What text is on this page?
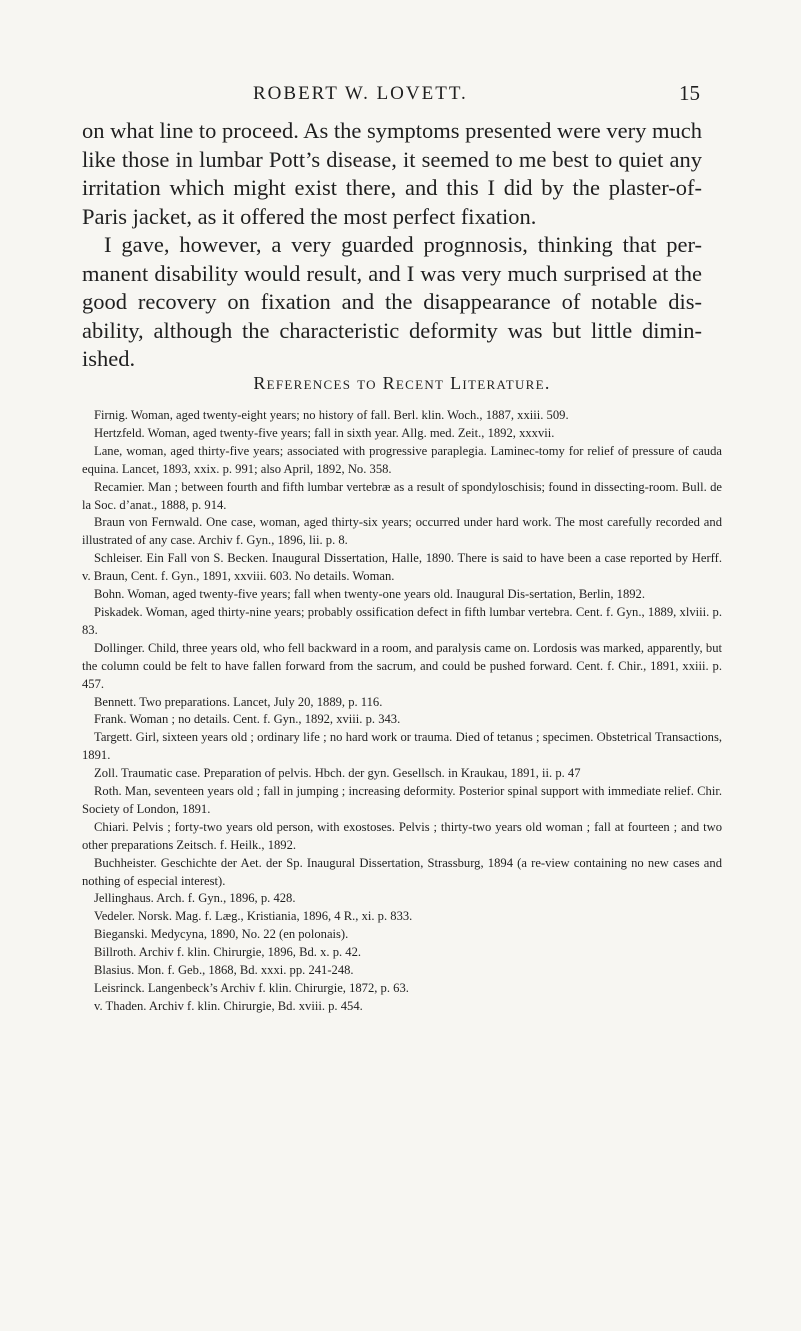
ROBERT W. LOVETT.	15

on what line to proceed. As the symptoms presented were very much like those in lumbar Pott’s disease, it seemed to me best to quiet any irritation which might exist there, and this I did by the plaster-of-Paris jacket, as it offered the most perfect fixation.

I gave, however, a very guarded prognnosis, thinking that per-manent disability would result, and I was very much surprised at the good recovery on fixation and the disappearance of notable dis-ability, although the characteristic deformity was but little dimin-ished.

References to Recent Literature.

Firnig. Woman, aged twenty-eight years; no history of fall. Berl. klin. Woch., 1887, xxiii. 509.

Hertzfeld. Woman, aged twenty-five years; fall in sixth year. Allg. med. Zeit., 1892, xxxvii.

Lane, woman, aged thirty-five years; associated with progressive paraplegia. Laminec-tomy for relief of pressure of cauda equina. Lancet, 1893, xxix. p. 991; also April, 1892, No. 358.

Recamier. Man ; between fourth and fifth lumbar vertebræ as a result of spondyloschisis; found in dissecting-room. Bull. de la Soc. d’anat., 1888, p. 914.

Braun von Fernwald. One case, woman, aged thirty-six years; occurred under hard work. The most carefully recorded and illustrated of any case. Archiv f. Gyn., 1896, lii. p. 8.

Schleiser. Ein Fall von S. Becken. Inaugural Dissertation, Halle, 1890. There is said to have been a case reported by Herff. v. Braun, Cent. f. Gyn., 1891, xxviii. 603. No details. Woman.

Bohn. Woman, aged twenty-five years; fall when twenty-one years old. Inaugural Dis-sertation, Berlin, 1892.

Piskadek. Woman, aged thirty-nine years; probably ossification defect in fifth lumbar vertebra. Cent. f. Gyn., 1889, xlviii. p. 83.

Dollinger. Child, three years old, who fell backward in a room, and paralysis came on. Lordosis was marked, apparently, but the column could be felt to have fallen forward from the sacrum, and could be pushed forward. Cent. f. Chir., 1891, xxiii. p. 457.

Bennett. Two preparations. Lancet, July 20, 1889, p. 116.

Frank. Woman ; no details. Cent. f. Gyn., 1892, xviii. p. 343.

Targett. Girl, sixteen years old ; ordinary life ; no hard work or trauma. Died of tetanus ; specimen. Obstetrical Transactions, 1891.

Zoll. Traumatic case. Preparation of pelvis. Hbch. der gyn. Gesellsch. in Kraukau, 1891, ii. p. 47

Roth. Man, seventeen years old ; fall in jumping ; increasing deformity. Posterior spinal support with immediate relief. Chir. Society of London, 1891.

Chiari. Pelvis ; forty-two years old person, with exostoses. Pelvis ; thirty-two years old woman ; fall at fourteen ; and two other preparations Zeitsch. f. Heilk., 1892.

Buchheister. Geschichte der Aet. der Sp. Inaugural Dissertation, Strassburg, 1894 (a re-view containing no new cases and nothing of especial interest).

Jellinghaus. Arch. f. Gyn., 1896, p. 428.

Vedeler. Norsk. Mag. f. Læg., Kristiania, 1896, 4 R., xi. p. 833.

Bieganski. Medycyna, 1890, No. 22 (en polonais).

Billroth. Archiv f. klin. Chirurgie, 1896, Bd. x. p. 42.

Blasius. Mon. f. Geb., 1868, Bd. xxxi. pp. 241-248.

Leisrinck. Langenbeck’s Archiv f. klin. Chirurgie, 1872, p. 63.

v. Thaden. Archiv f. klin. Chirurgie, Bd. xviii. p. 454.
